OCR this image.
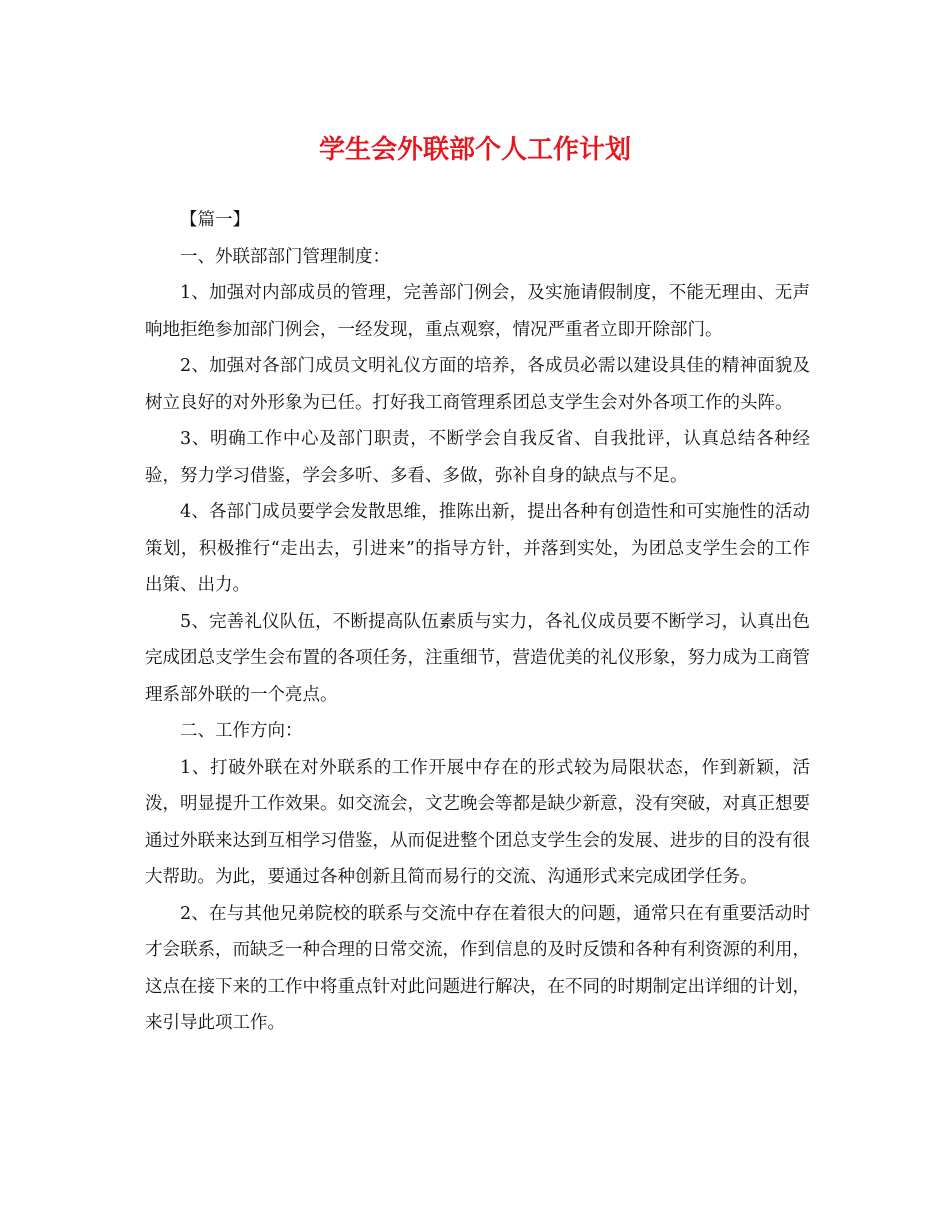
学生会外联部个人工作计划

【篇一】

一、外联部部门管理制度：

1、加强对内部成员的管理，完善部门例会，及实施请假制度，不能无理由、无声响地拒绝参加部门例会，一经发现，重点观察，情况严重者立即开除部门。

2、加强对各部门成员文明礼仪方面的培养，各成员必需以建设具佳的精神面貌及树立良好的对外形象为已任。打好我工商管理系团总支学生会对外各项工作的头阵。

3、明确工作中心及部门职责，不断学会自我反省、自我批评，认真总结各种经验，努力学习借鉴，学会多听、多看、多做，弥补自身的缺点与不足。

4、各部门成员要学会发散思维，推陈出新，提出各种有创造性和可实施性的活动策划，积极推行“走出去，引进来”的指导方针，并落到实处，为团总支学生会的工作出策、出力。

5、完善礼仪队伍，不断提高队伍素质与实力，各礼仪成员要不断学习，认真出色完成团总支学生会布置的各项任务，注重细节，营造优美的礼仪形象，努力成为工商管理系部外联的一个亮点。

二、工作方向：

1、打破外联在对外联系的工作开展中存在的形式较为局限状态，作到新颖，活泼，明显提升工作效果。如交流会，文艺晚会等都是缺少新意，没有突破，对真正想要通过外联来达到互相学习借鉴，从而促进整个团总支学生会的发展、进步的目的没有很大帮助。为此，要通过各种创新且简而易行的交流、沟通形式来完成团学任务。

2、在与其他兄弟院校的联系与交流中存在着很大的问题，通常只在有重要活动时才会联系，而缺乏一种合理的日常交流，作到信息的及时反馈和各种有利资源的利用，这点在接下来的工作中将重点针对此问题进行解决，在不同的时期制定出详细的计划，来引导此项工作。
